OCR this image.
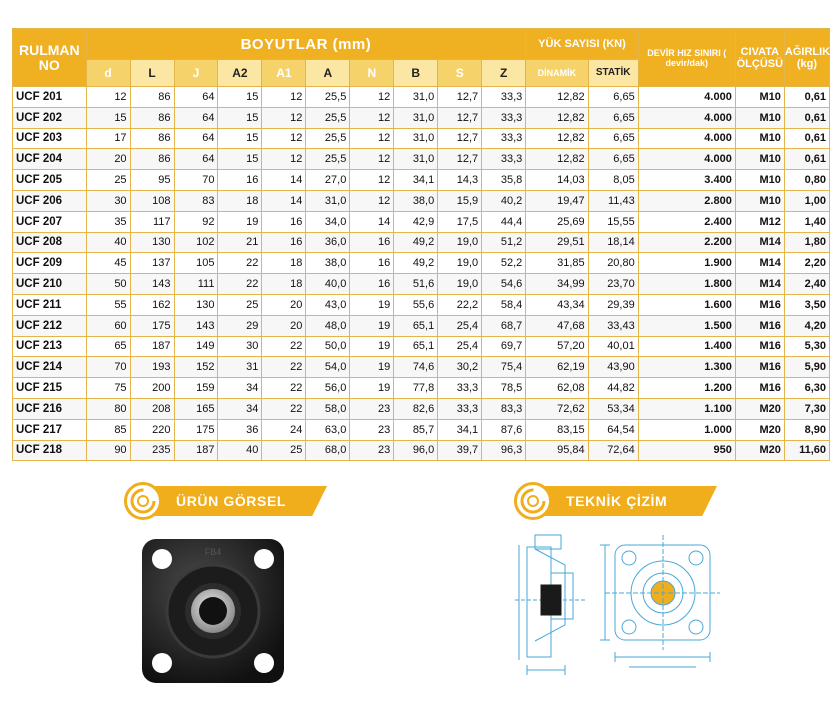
RULMAN NO	BOYUTLAR (mm)										YÜK SAYISI (KN)		DEVİR HIZ SINIRI ( devir/dak)	CIVATA ÖLÇÜSÜ	AĞIRLIK (kg)
	d	L	J	A2	A1	A	N	B	S	Z	DİNAMİK	STATİK			
UCF 201	12	86	64	15	12	25,5	12	31,0	12,7	33,3	12,82	6,65	4.000	M10	0,61
UCF 202	15	86	64	15	12	25,5	12	31,0	12,7	33,3	12,82	6,65	4.000	M10	0,61
UCF 203	17	86	64	15	12	25,5	12	31,0	12,7	33,3	12,82	6,65	4.000	M10	0,61
UCF 204	20	86	64	15	12	25,5	12	31,0	12,7	33,3	12,82	6,65	4.000	M10	0,61
UCF 205	25	95	70	16	14	27,0	12	34,1	14,3	35,8	14,03	8,05	3.400	M10	0,80
UCF 206	30	108	83	18	14	31,0	12	38,0	15,9	40,2	19,47	11,43	2.800	M10	1,00
UCF 207	35	117	92	19	16	34,0	14	42,9	17,5	44,4	25,69	15,55	2.400	M12	1,40
UCF 208	40	130	102	21	16	36,0	16	49,2	19,0	51,2	29,51	18,14	2.200	M14	1,80
UCF 209	45	137	105	22	18	38,0	16	49,2	19,0	52,2	31,85	20,80	1.900	M14	2,20
UCF 210	50	143	111	22	18	40,0	16	51,6	19,0	54,6	34,99	23,70	1.800	M14	2,40
UCF 211	55	162	130	25	20	43,0	19	55,6	22,2	58,4	43,34	29,39	1.600	M16	3,50
UCF 212	60	175	143	29	20	48,0	19	65,1	25,4	68,7	47,68	33,43	1.500	M16	4,20
UCF 213	65	187	149	30	22	50,0	19	65,1	25,4	69,7	57,20	40,01	1.400	M16	5,30
UCF 214	70	193	152	31	22	54,0	19	74,6	30,2	75,4	62,19	43,90	1.300	M16	5,90
UCF 215	75	200	159	34	22	56,0	19	77,8	33,3	78,5	62,08	44,82	1.200	M16	6,30
UCF 216	80	208	165	34	22	58,0	23	82,6	33,3	83,3	72,62	53,34	1.100	M20	7,30
UCF 217	85	220	175	36	24	63,0	23	85,7	34,1	87,6	83,15	64,54	1.000	M20	8,90
UCF 218	90	235	187	40	25	68,0	23	96,0	39,7	96,3	95,84	72,64	950	M20	11,60
ÜRÜN GÖRSEL	TEKNİK ÇİZİM
FB4
